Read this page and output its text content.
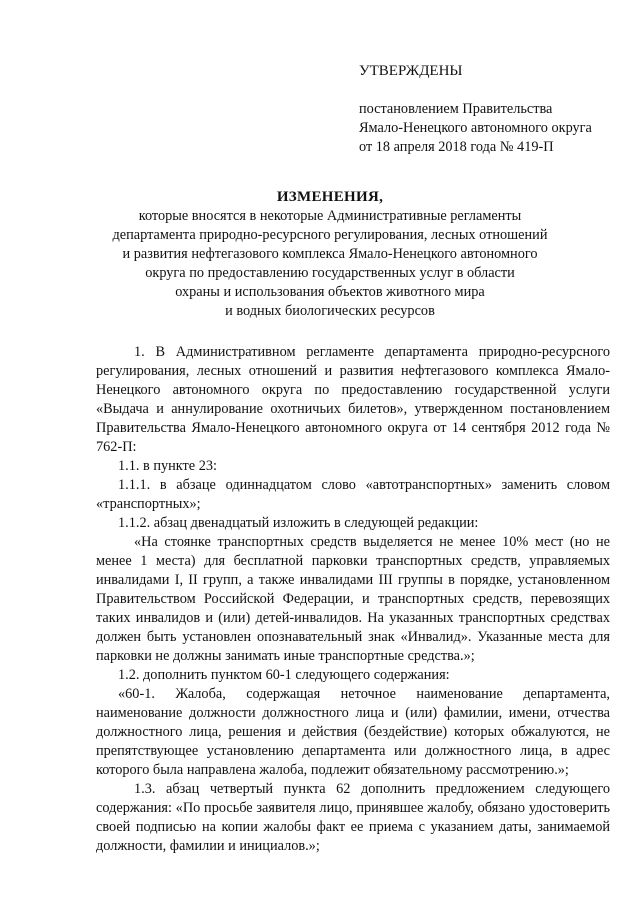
УТВЕРЖДЕНЫ
постановлением Правительства
Ямало-Ненецкого автономного округа
от 18 апреля 2018 года № 419-П
ИЗМЕНЕНИЯ,
которые вносятся в некоторые Административные регламенты
департамента природно-ресурсного регулирования, лесных отношений
и развития нефтегазового комплекса Ямало-Ненецкого автономного
округа по предоставлению государственных услуг в области
охраны и использования объектов животного мира
и водных биологических ресурсов

1. В Административном регламенте департамента природно-ресурсного регулирования, лесных отношений и развития нефтегазового комплекса Ямало-Ненецкого автономного округа по предоставлению государственной услуги «Выдача и аннулирование охотничьих билетов», утвержденном постановлением Правительства Ямало-Ненецкого автономного округа от 14 сентября 2012 года № 762-П:

1.1. в пункте 23:

1.1.1. в абзаце одиннадцатом слово «автотранспортных» заменить словом «транспортных»;

1.1.2. абзац двенадцатый изложить в следующей редакции:

«На стоянке транспортных средств выделяется не менее 10% мест (но не менее 1 места) для бесплатной парковки транспортных средств, управляемых инвалидами I, II групп, а также инвалидами III группы в порядке, установленном Правительством Российской Федерации, и транспортных средств, перевозящих таких инвалидов и (или) детей-инвалидов. На указанных транспортных средствах должен быть установлен опознавательный знак «Инвалид». Указанные места для парковки не должны занимать иные транспортные средства.»;

1.2. дополнить пунктом 60-1 следующего содержания:

«60-1. Жалоба, содержащая неточное наименование департамента, наименование должности должностного лица и (или) фамилии, имени, отчества должностного лица, решения и действия (бездействие) которых обжалуются, не препятствующее установлению департамента или должностного лица, в адрес которого была направлена жалоба, подлежит обязательному рассмотрению.»;

1.3. абзац четвертый пункта 62 дополнить предложением следующего содержания: «По просьбе заявителя лицо, принявшее жалобу, обязано удостоверить своей подписью на копии жалобы факт ее приема с указанием даты, занимаемой должности, фамилии и инициалов.»;
